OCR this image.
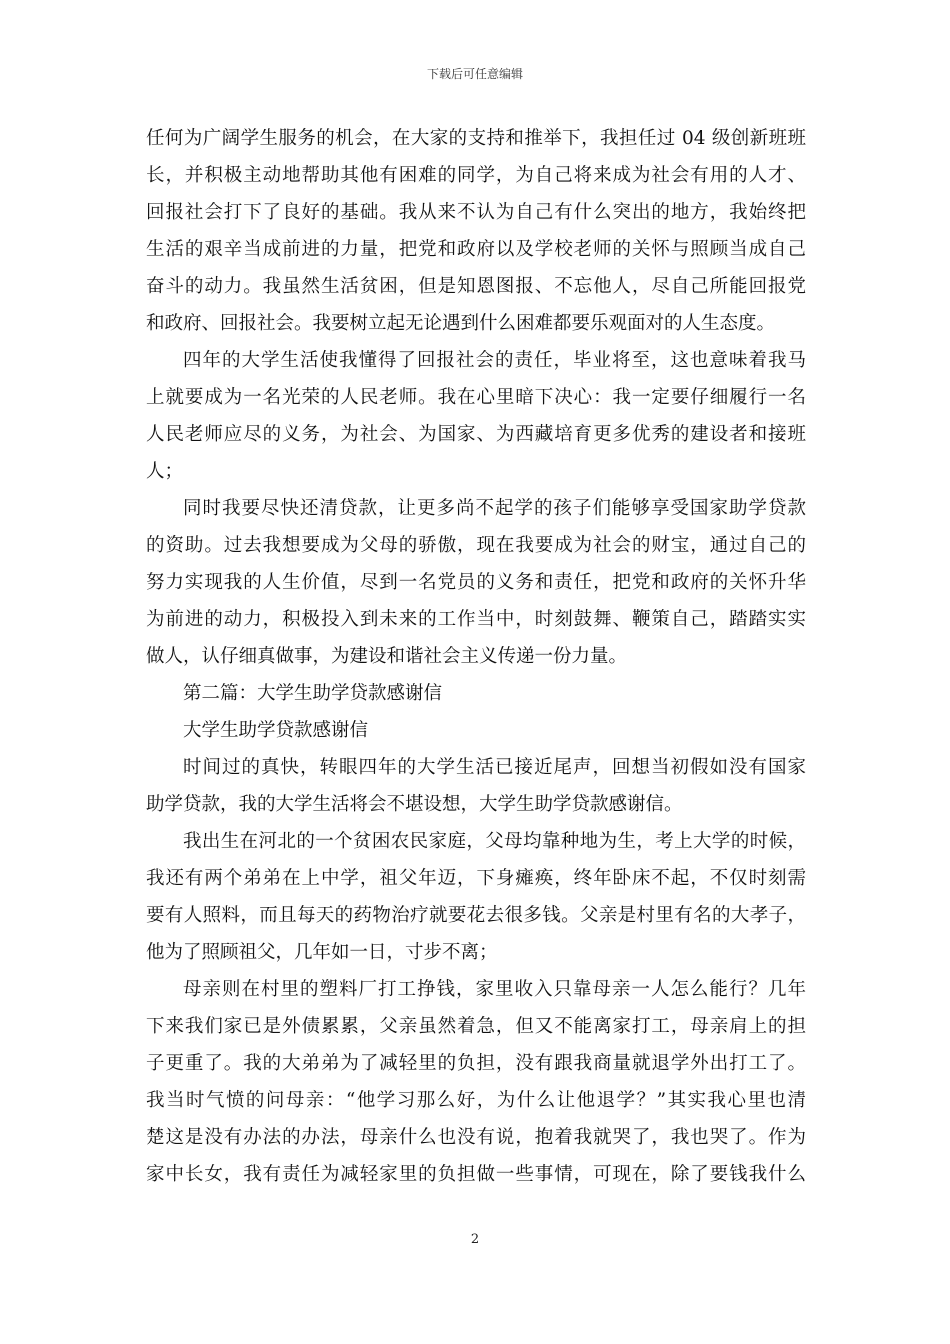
下载后可任意编辑
任何为广阔学生服务的机会，在大家的支持和推举下，我担任过 04 级创新班班
长，并积极主动地帮助其他有困难的同学，为自己将来成为社会有用的人才、
回报社会打下了良好的基础。我从来不认为自己有什么突出的地方，我始终把
生活的艰辛当成前进的力量，把党和政府以及学校老师的关怀与照顾当成自己
奋斗的动力。我虽然生活贫困，但是知恩图报、不忘他人，尽自己所能回报党
和政府、回报社会。我要树立起无论遇到什么困难都要乐观面对的人生态度。
四年的大学生活使我懂得了回报社会的责任，毕业将至，这也意味着我马
上就要成为一名光荣的人民老师。我在心里暗下决心：我一定要仔细履行一名
人民老师应尽的义务，为社会、为国家、为西藏培育更多优秀的建设者和接班
人；
同时我要尽快还清贷款，让更多尚不起学的孩子们能够享受国家助学贷款
的资助。过去我想要成为父母的骄傲，现在我要成为社会的财宝，通过自己的
努力实现我的人生价值，尽到一名党员的义务和责任，把党和政府的关怀升华
为前进的动力，积极投入到未来的工作当中，时刻鼓舞、鞭策自己，踏踏实实
做人，认仔细真做事，为建设和谐社会主义传递一份力量。
第二篇：大学生助学贷款感谢信
大学生助学贷款感谢信
时间过的真快，转眼四年的大学生活已接近尾声，回想当初假如没有国家
助学贷款，我的大学生活将会不堪设想，大学生助学贷款感谢信。
我出生在河北的一个贫困农民家庭，父母均靠种地为生，考上大学的时候，
我还有两个弟弟在上中学，祖父年迈，下身瘫痪，终年卧床不起，不仅时刻需
要有人照料，而且每天的药物治疗就要花去很多钱。父亲是村里有名的大孝子，
他为了照顾祖父，几年如一日，寸步不离；
母亲则在村里的塑料厂打工挣钱，家里收入只靠母亲一人怎么能行？几年
下来我们家已是外债累累，父亲虽然着急，但又不能离家打工，母亲肩上的担
子更重了。我的大弟弟为了减轻里的负担，没有跟我商量就退学外出打工了。
我当时气愤的问母亲：“他学习那么好，为什么让他退学？”其实我心里也清
楚这是没有办法的办法，母亲什么也没有说，抱着我就哭了，我也哭了。作为
家中长女，我有责任为减轻家里的负担做一些事情，可现在，除了要钱我什么
2
